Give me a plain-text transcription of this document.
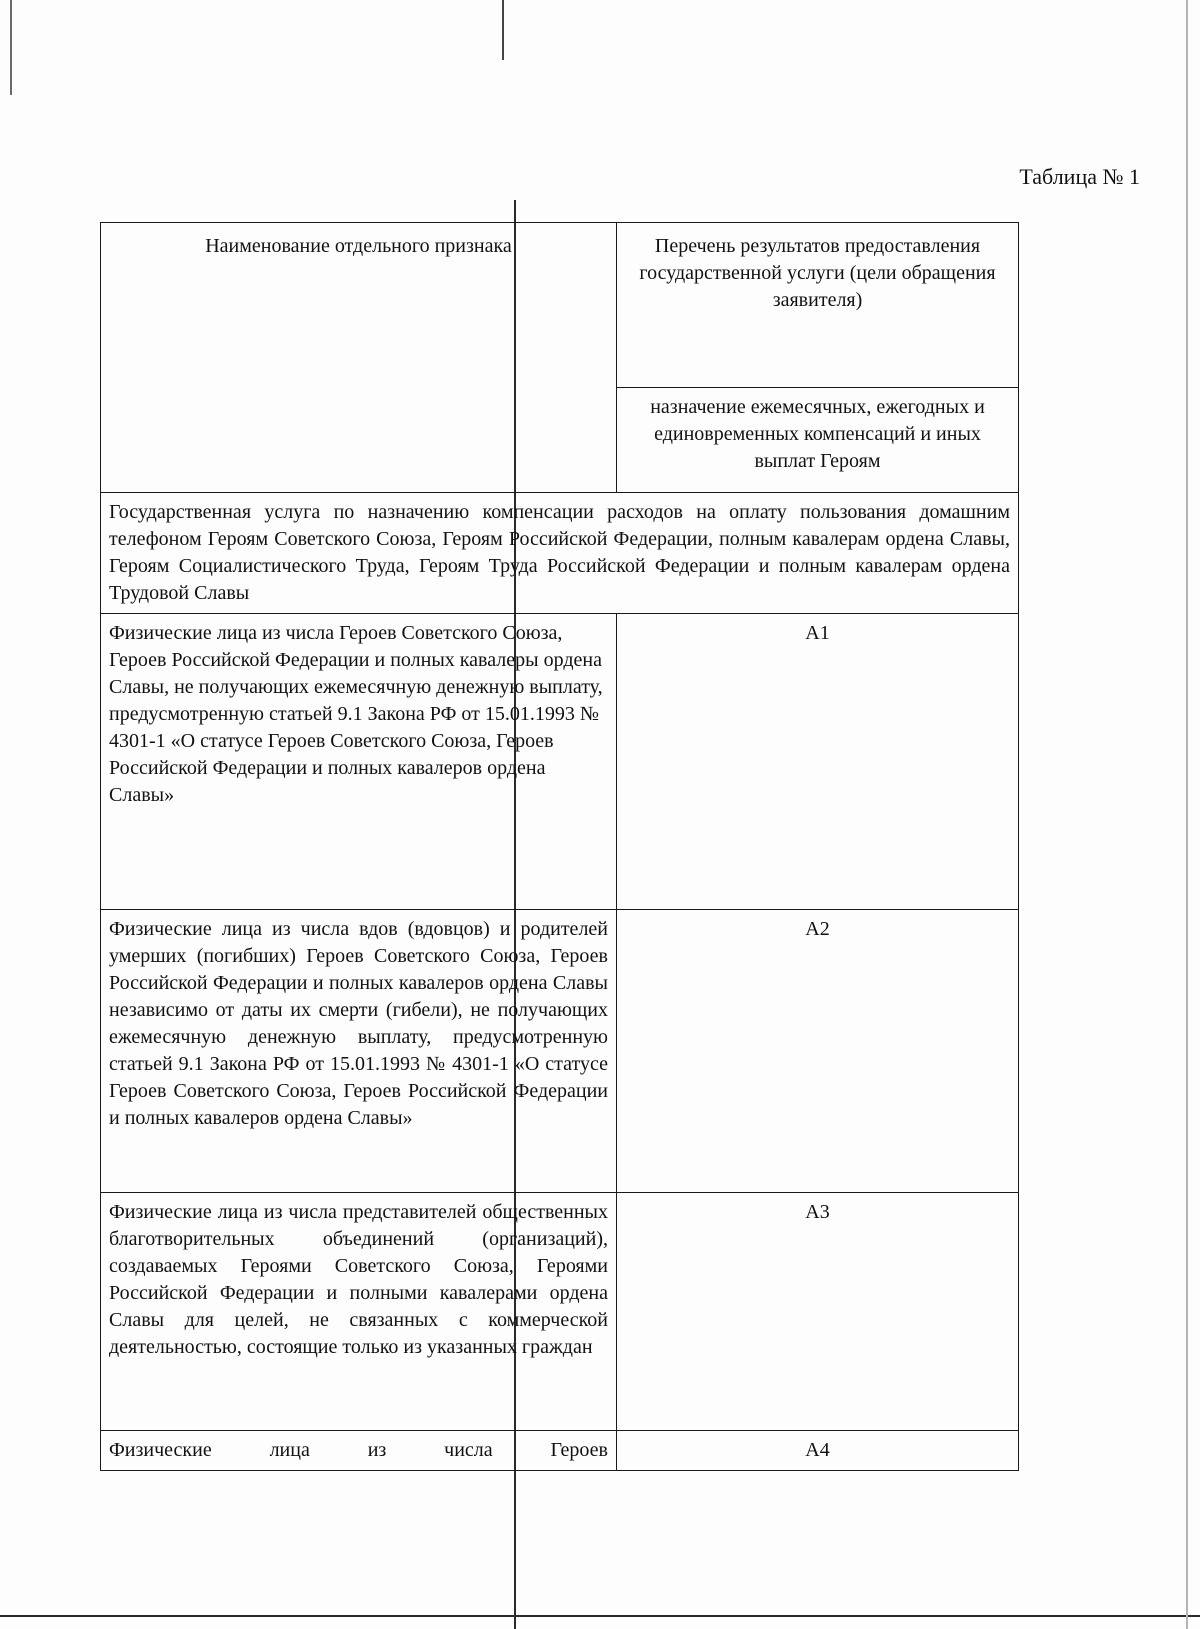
Таблица № 1
Наименование отдельного признака	Перечень результатов предоставления государственной услуги (цели обращения заявителя)
	назначение ежемесячных, ежегодных и единовременных компенсаций и иных выплат Героям
Государственная услуга по назначению компенсации расходов на оплату пользования домашним телефоном Героям Советского Союза, Героям Российской Федерации, полным кавалерам ордена Славы, Героям Социалистического Труда, Героям Труда Российской Федерации и полным кавалерам ордена Трудовой Славы	
Физические лица из числа Героев Советского Союза, Героев Российской Федерации и полных кавалеры ордена Славы, не получающих ежемесячную денежную выплату, предусмотренную статьей 9.1 Закона РФ от 15.01.1993 № 4301-1 «О статусе Героев Советского Союза, Героев Российской Федерации и полных кавалеров ордена Славы»	А1
Физические лица из числа вдов (вдовцов) и родителей умерших (погибших) Героев Советского Союза, Героев Российской Федерации и полных кавалеров ордена Славы независимо от даты их смерти (гибели), не получающих ежемесячную денежную выплату, предусмотренную статьей 9.1 Закона РФ от 15.01.1993 № 4301-1 «О статусе Героев Советского Союза, Героев Российской Федерации и полных кавалеров ордена Славы»	А2
Физические лица из числа представителей общественных благотворительных объединений (организаций), создаваемых Героями Советского Союза, Героями Российской Федерации и полными кавалерами ордена Славы для целей, не связанных с коммерческой деятельностью, состоящие только из указанных граждан	А3
Физические лица из числа Героев	А4
